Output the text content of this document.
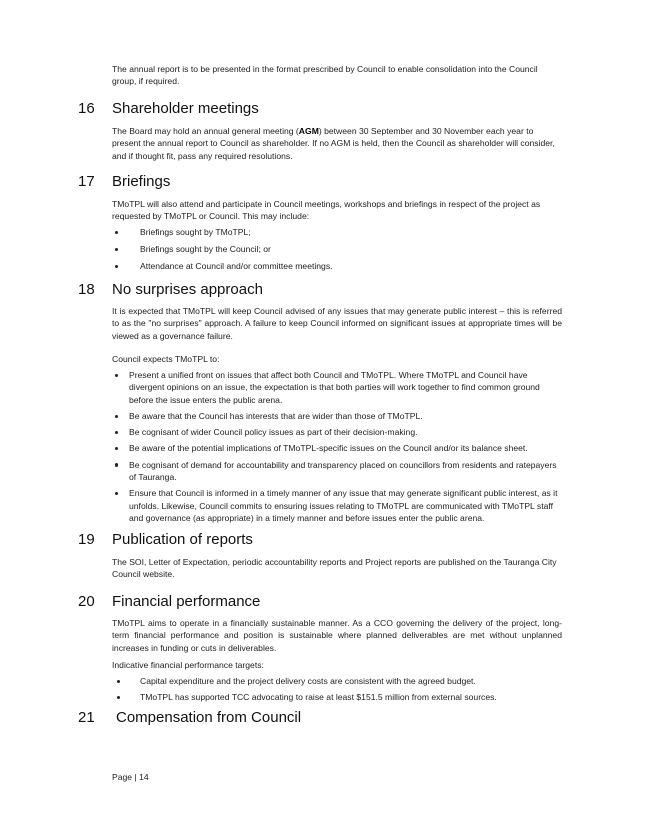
The annual report is to be presented in the format prescribed by Council to enable consolidation into the Council group, if required.

16 Shareholder meetings

The Board may hold an annual general meeting (AGM) between 30 September and 30 November each year to present the annual report to Council as shareholder. If no AGM is held, then the Council as shareholder will consider, and if thought fit, pass any required resolutions.

17 Briefings

TMoTPL will also attend and participate in Council meetings, workshops and briefings in respect of the project as requested by TMoTPL or Council. This may include:

Briefings sought by TMoTPL;
Briefings sought by the Council; or
Attendance at Council and/or committee meetings.
18 No surprises approach

It is expected that TMoTPL will keep Council advised of any issues that may generate public interest – this is referred to as the "no surprises" approach. A failure to keep Council informed on significant issues at appropriate times will be viewed as a governance failure.

Council expects TMoTPL to:

Present a unified front on issues that affect both Council and TMoTPL. Where TMoTPL and Council have divergent opinions on an issue, the expectation is that both parties will work together to find common ground before the issue enters the public arena.
Be aware that the Council has interests that are wider than those of TMoTPL.
Be cognisant of wider Council policy issues as part of their decision-making.
Be aware of the potential implications of TMoTPL-specific issues on the Council and/or its balance sheet.
Be cognisant of demand for accountability and transparency placed on councillors from residents and ratepayers of Tauranga.
Ensure that Council is informed in a timely manner of any issue that may generate significant public interest, as it unfolds. Likewise, Council commits to ensuring issues relating to TMoTPL are communicated with TMoTPL staff and governance (as appropriate) in a timely manner and before issues enter the public arena.
19 Publication of reports

The SOI, Letter of Expectation, periodic accountability reports and Project reports are published on the Tauranga City Council website.

20 Financial performance

TMoTPL aims to operate in a financially sustainable manner. As a CCO governing the delivery of the project, long-term financial performance and position is sustainable where planned deliverables are met without unplanned increases in funding or cuts in deliverables.

Indicative financial performance targets:

Capital expenditure and the project delivery costs are consistent with the agreed budget.
TMoTPL has supported TCC advocating to raise at least $151.5 million from external sources.
21 Compensation from Council
Page | 14
